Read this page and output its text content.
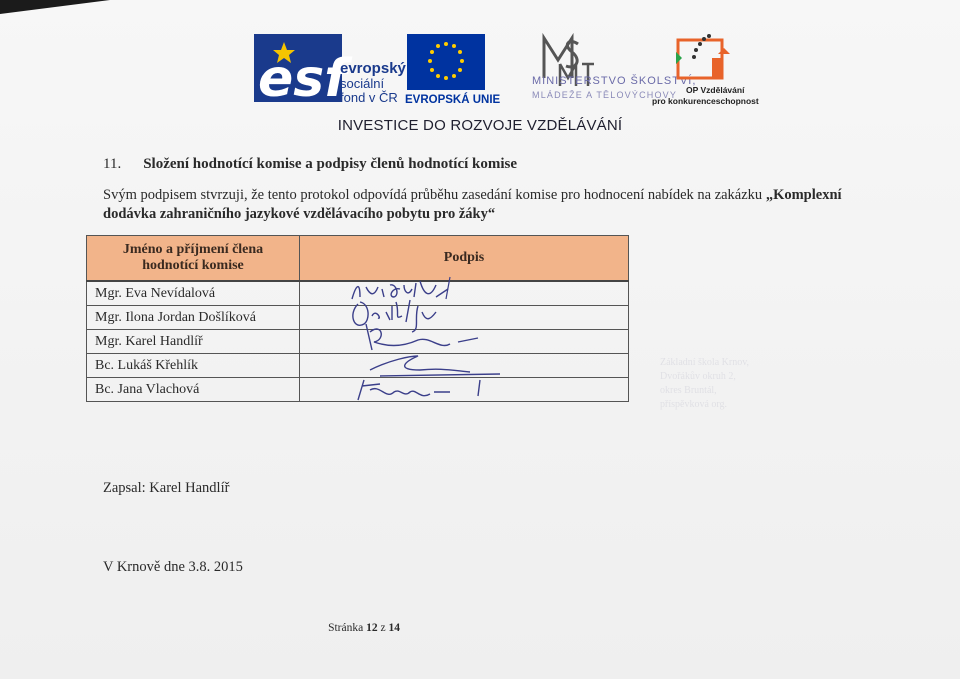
esf
evropský
sociální
fond v ČR EVROPSKÁ UNIE
MINISTERSTVO ŠKOLSTVÍ,
MLÁDEŽE A TĚLOVÝCHOVY OP Vzdělávání
pro konkurenceschopnost
INVESTICE DO ROZVOJE VZDĚLÁVÁNÍ
11. Složení hodnotící komise a podpisy členů hodnotící komise
Svým podpisem stvrzuji, že tento protokol odpovídá průběhu zasedání komise pro hodnocení nabídek na zakázku „Komplexní dodávka zahraničního jazykové vzdělávacího pobytu pro žáky“
Základní škola Krnov,
Dvořákův okruh 2,
okres Bruntál,
příspěvková org.
Jméno a příjmení člena hodnotící komise	Podpis
Mgr. Eva Nevídalová	

Mgr. Ilona Jordan Došlíková	

Mgr. Karel Handlíř	

Bc. Lukáš Křehlík	

Bc. Jana Vlachová	
Zapsal: Karel Handlíř
V Krnově dne 3.8. 2015
Stránka 12 z 14
